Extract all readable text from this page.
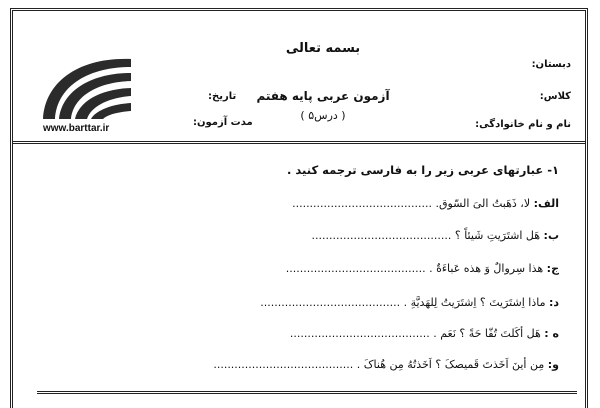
بسمه تعالی
آزمون عربی پایه هفتم
( درس۵ )
دبستان:
کلاس:
نام و نام خانوادگی:
تاریخ:
مدت آزمون:
www.barttar.ir
۱- عبارتهای عربی زیر را به فارسی ترجمه کنید .
الف: لا، ذَهَبتُ الیَ السّوق. ........................................
ب: هَل اشتَرَیتِ شَیئاً ؟ ........................................
ج: هذا سِروالٌ وَ هذه عَباءَةٌ . ........................................
د: ماذا اِشتَرَیتَ ؟ اِشتَرَیتُ لِلهَدیَّةِ . ........................................
ه : هَل أکَلتَ تُفّا حَةً ؟ نَعَم . ........................................
و: مِن أینَ اَخَذتَ قَمیصکَ ؟ اَخَذتُهُ مِن هُناکَ . ........................................
